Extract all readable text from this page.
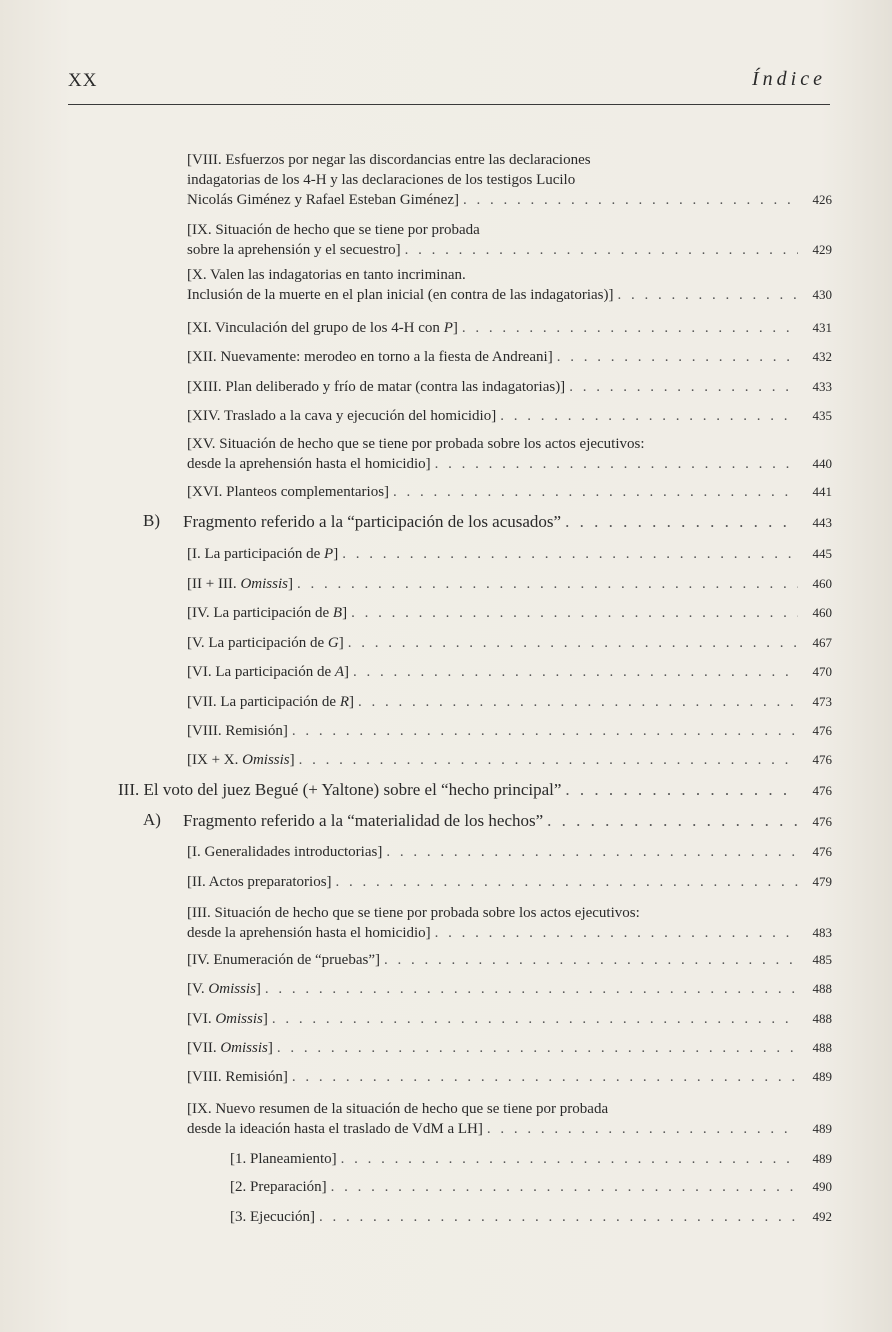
XX	Índice
[VIII. Esfuerzos por negar las discordancias entre las declaraciones
indagatorias de los 4-H y las declaraciones de los testigos Lucilo
Nicolás Giménez y Rafael Esteban Giménez] . . .	426
[IX. Situación de hecho que se tiene por probada
sobre la aprehensión y el secuestro] . . .	429
[X. Valen las indagatorias en tanto incriminan.
Inclusión de la muerte en el plan inicial (en contra de las indagatorias)] . . .	430
[XI. Vinculación del grupo de los 4-H con P] . . .	431
[XII. Nuevamente: merodeo en torno a la fiesta de Andreani] . . .	432
[XIII. Plan deliberado y frío de matar (contra las indagatorias)] . . .	433
[XIV. Traslado a la cava y ejecución del homicidio] . . .	435
[XV. Situación de hecho que se tiene por probada sobre los actos ejecutivos:
desde la aprehensión hasta el homicidio] . . .	440
[XVI. Planteos complementarios] . . .	441
B) Fragmento referido a la “participación de los acusados” . . .	443
[I. La participación de P] . . .	445
[II + III. Omissis] . . .	460
[IV. La participación de B] . . .	460
[V. La participación de G] . . .	467
[VI. La participación de A] . . .	470
[VII. La participación de R] . . .	473
[VIII. Remisión] . . .	476
[IX + X. Omissis] . . .	476
III. El voto del juez Begué (+ Yaltone) sobre el “hecho principal” . . .	476
A) Fragmento referido a la “materialidad de los hechos” . . .	476
[I. Generalidades introductorias] . . .	476
[II. Actos preparatorios] . . .	479
[III. Situación de hecho que se tiene por probada sobre los actos ejecutivos:
desde la aprehensión hasta el homicidio] . . .	483
[IV. Enumeración de “pruebas”] . . .	485
[V. Omissis] . . .	488
[VI. Omissis] . . .	488
[VII. Omissis] . . .	488
[VIII. Remisión] . . .	489
[IX. Nuevo resumen de la situación de hecho que se tiene por probada
desde la ideación hasta el traslado de VdM a LH] . . .	489
[1. Planeamiento] . . .	489
[2. Preparación] . . .	490
[3. Ejecución] . . .	492
